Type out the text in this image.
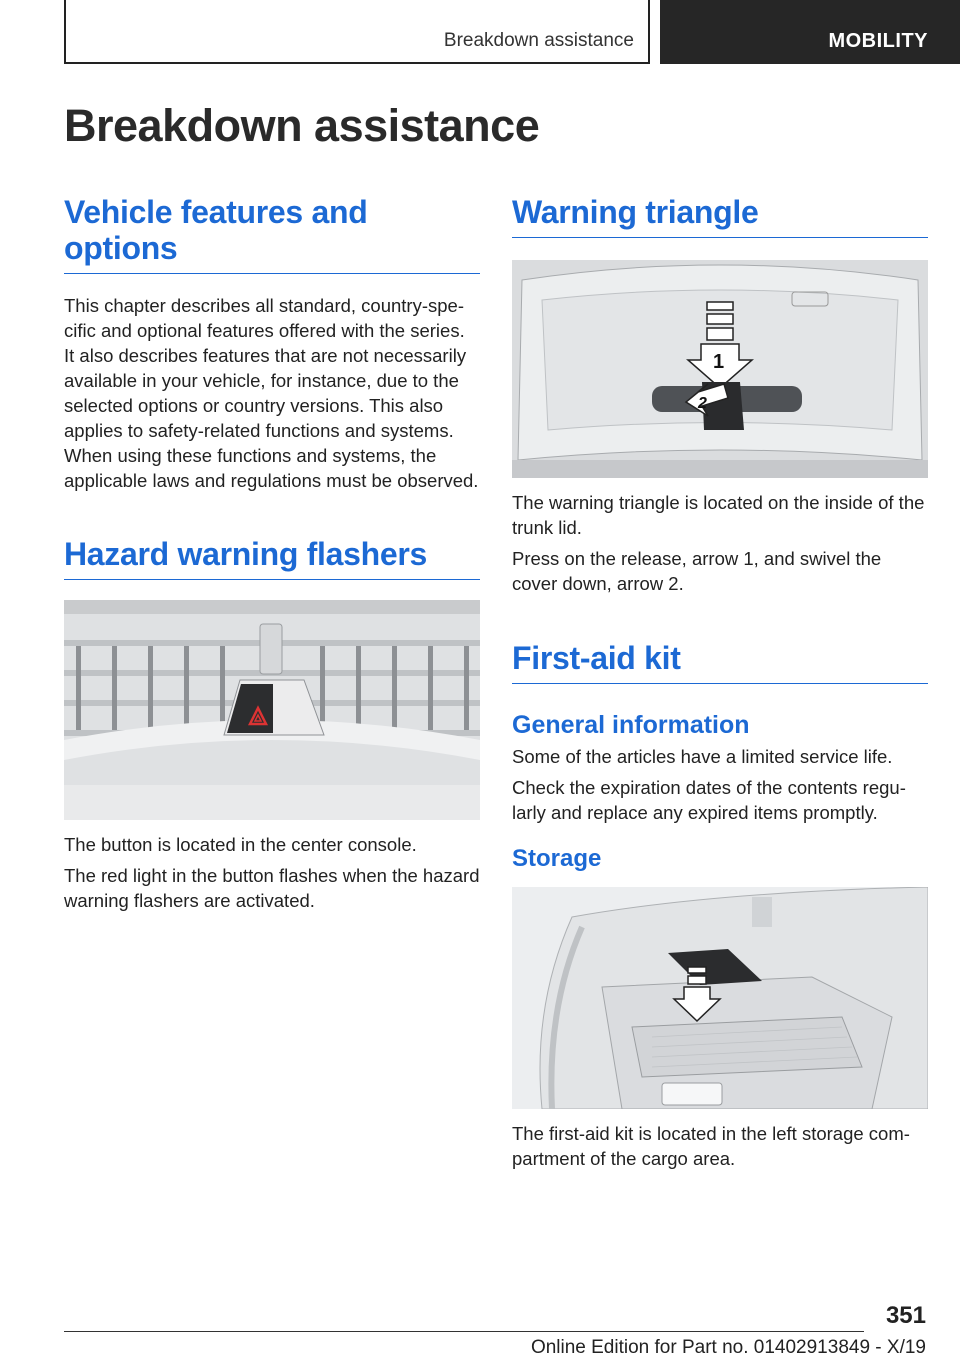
Breakdown assistance	MOBILITY
Breakdown assistance
Vehicle features and options

This chapter describes all standard, country-specific and optional features offered with the series. It also describes features that are not necessarily available in your vehicle, for instance, due to the selected options or country versions. This also applies to safety-related functions and systems. When using these functions and systems, the applicable laws and regulations must be observed.

Hazard warning flashers

The button is located in the center console.

The red light in the button flashes when the hazard warning flashers are activated.

Warning triangle
1
2

The warning triangle is located on the inside of the trunk lid.

Press on the release, arrow 1, and swivel the cover down, arrow 2.

First-aid kit
General information

Some of the articles have a limited service life.

Check the expiration dates of the contents regularly and replace any expired items promptly.

Storage

The first-aid kit is located in the left storage compartment of the cargo area.

351
Online Edition for Part no. 01402913849 - X/19
